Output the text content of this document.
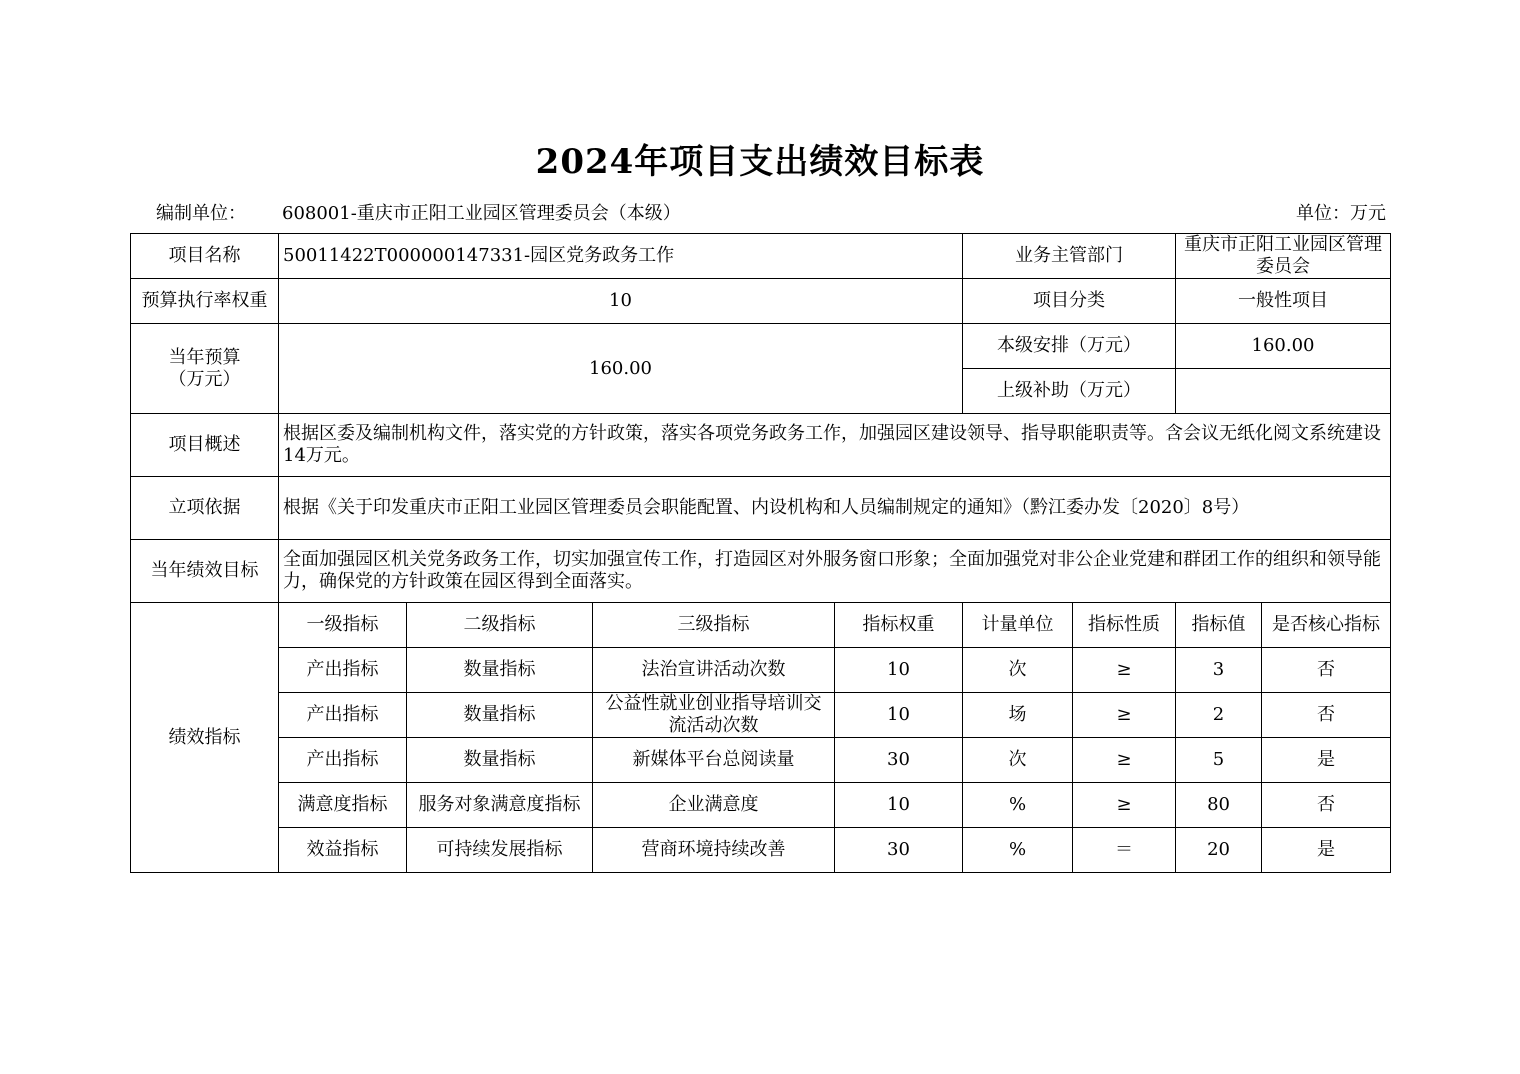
2024年项目支出绩效目标表
编制单位： 608001-重庆市正阳工业园区管理委员会（本级）	单位：万元
项目名称	50011422T000000147331-园区党务政务工作				业务主管部门		重庆市正阳工业园区管理委员会	
预算执行率权重	10				项目分类		一般性项目	

当年预算
（万元）	160.00				本级安排（万元）		160.00	
					上级补助（万元）			
项目概述	根据区委及编制机构文件，落实党的方针政策，落实各项党务政务工作，加强园区建设领导、指导职能职责等。含会议无纸化阅文系统建设14万元。							
立项依据	根据《关于印发重庆市正阳工业园区管理委员会职能配置、内设机构和人员编制规定的通知》（黔江委办发〔2020〕8号）							
当年绩效目标	全面加强园区机关党务政务工作，切实加强宣传工作，打造园区对外服务窗口形象；全面加强党对非公企业党建和群团工作的组织和领导能力，确保党的方针政策在园区得到全面落实。							
绩效指标	一级指标	二级指标	三级指标	指标权重	计量单位	指标性质	指标值	是否核心指标
	产出指标	数量指标	法治宣讲活动次数	10	次	≥	3	否
	产出指标	数量指标	公益性就业创业指导培训交流活动次数	10	场	≥	2	否
	产出指标	数量指标	新媒体平台总阅读量	30	次	≥	5	是
	满意度指标	服务对象满意度指标	企业满意度	10	%	≥	80	否
	效益指标	可持续发展指标	营商环境持续改善	30	%	＝	20	是
